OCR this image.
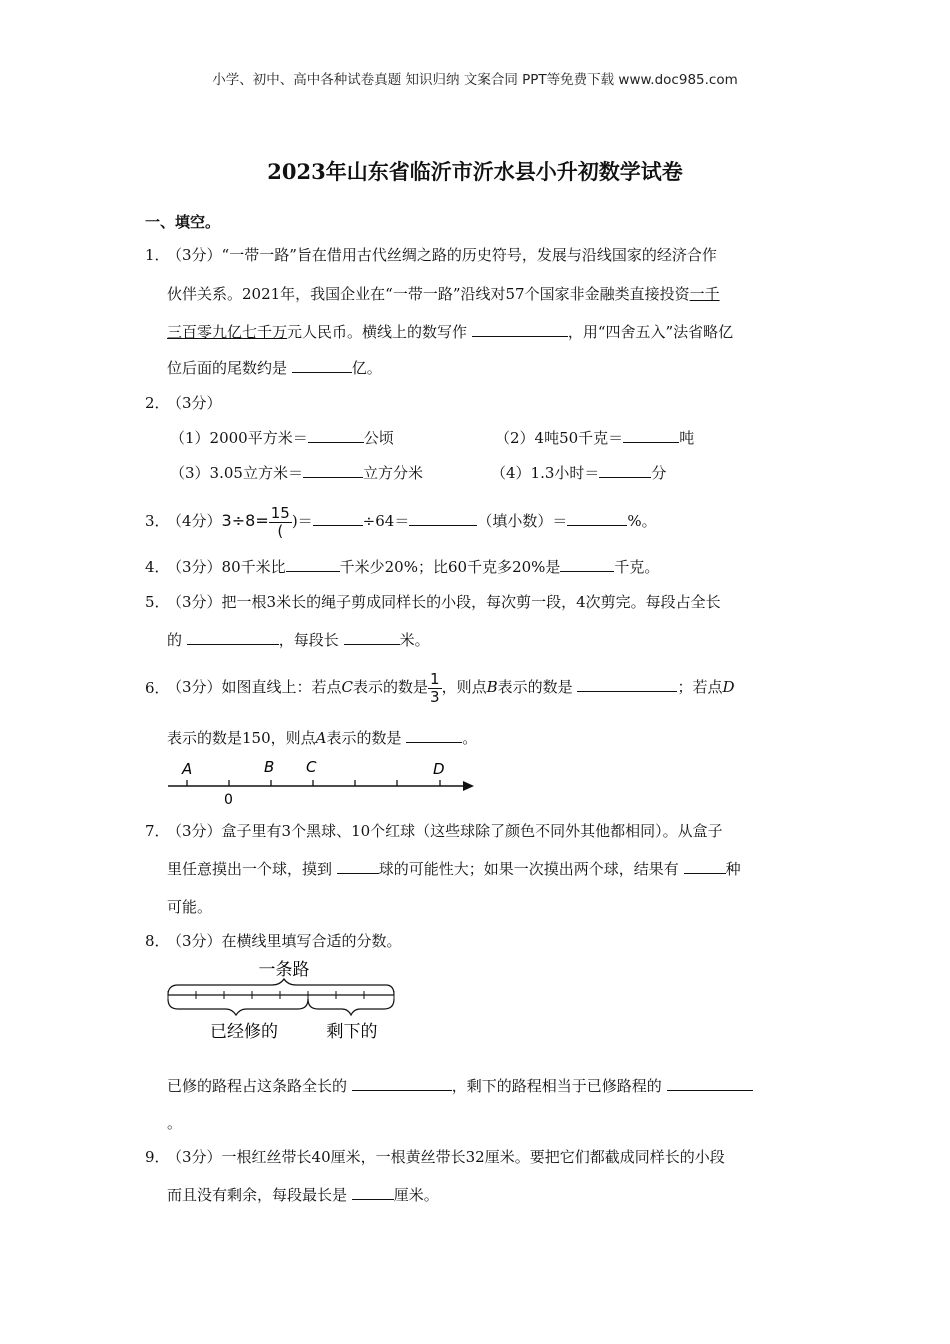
小学、初中、高中各种试卷真题 知识归纳 文案合同 PPT等免费下载 www.doc985.com
2023年山东省临沂市沂水县小升初数学试卷
一、填空。
1．
（3分）“一带一路”旨在借用古代丝绸之路的历史符号，发展与沿线国家的经济合作
伙伴关系。2021年，我国企业在“一带一路”沿线对57个国家非金融类直接投资一千
三百零九亿七千万元人民币。横线上的数写作	，用“四舍五入”法省略亿
位后面的尾数约是	亿。
2．
（3分）
（1）2000平方米＝	公顷	（2）4吨50千克＝	吨
（3）3.05立方米＝	立方分米	（4）1.3小时＝	分
3．
（4分）$3\div 8= \frac{15}{(}$ )＝	÷64＝	（填小数）＝	%。
4．
（3分）80千米比	千米少20%；比60千克多20%是	千克。
5．
（3分）把一根3米长的绳子剪成同样长的小段，每次剪一段，4次剪完。每段占全长
的	，每段长	米。
6．
（3分）如图直线上：若点C表示的数是 $\frac{1}{3}$ ，则点B表示的数是	；若点D
表示的数是150，则点A表示的数是	。
A	B C	D
0
7．
（3分）盒子里有3个黑球、10个红球（这些球除了颜色不同外其他都相同）。从盒子
里任意摸出一个球，摸到	球的可能性大；如果一次摸出两个球，结果有	种
可能。
8．
（3分）在横线里填写合适的分数。
一条路
已经修的	剩下的
已修的路程占这条路全长的	，剩下的路程相当于已修路程的
。
9．
（3分）一根红丝带长40厘米，一根黄丝带长32厘米。要把它们都截成同样长的小段
而且没有剩余，每段最长是	厘米。
